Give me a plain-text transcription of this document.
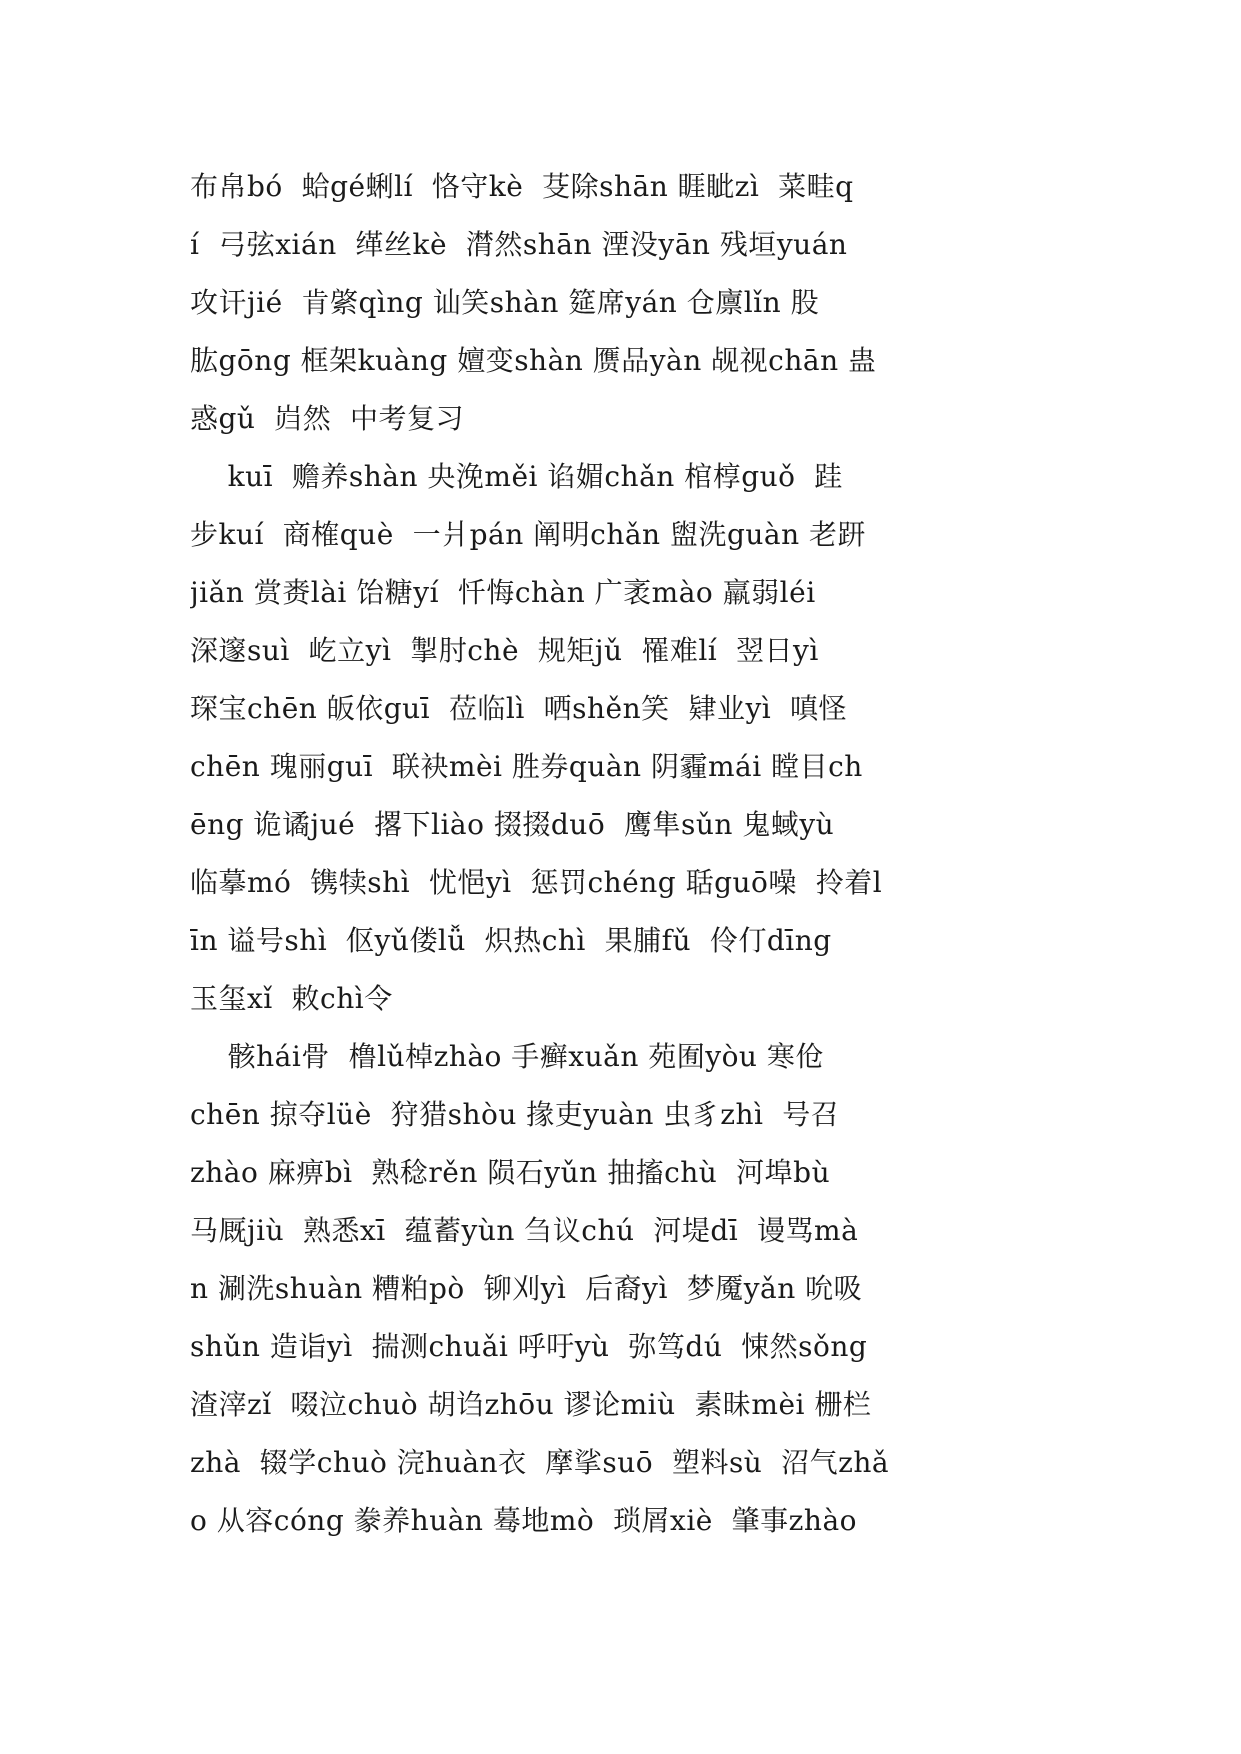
布帛bó  蛤gé蜊lí  恪守kè  芟除shān 睚眦zì  菜畦q
í  弓弦xián  缂丝kè  潸然shān 湮没yān 残垣yuán
攻讦jié  肯綮qìng 讪笑shàn 筵席yán 仓廪lǐn 股
肱gōng 框架kuàng 嬗变shàn 赝品yàn 觇视chān 蛊
惑gǔ  岿然  中考复习
kuī  赡养shàn 央浼měi 谄媚chǎn 棺椁guǒ  跬
步kuí  商榷què  一爿pán 阐明chǎn 盥洗guàn 老趼
jiǎn 赏赉lài 饴糖yí  忏悔chàn 广袤mào 羸弱léi
深邃suì  屹立yì  掣肘chè  规矩jǔ  罹难lí  翌日yì
琛宝chēn 皈依guī  莅临lì  哂shěn笑  肄业yì  嗔怪
chēn 瑰丽guī  联袂mèi 胜券quàn 阴霾mái 瞠目ch
ēng 诡谲jué  撂下liào 掇掇duō  鹰隼sǔn 鬼蜮yù
临摹mó  镌犊shì  忧悒yì  惩罚chéng 聒guō噪  拎着l
īn 谥号shì  伛yǔ偻lǚ  炽热chì  果脯fǔ  伶仃dīng
玉玺xǐ  敕chì令
骸hái骨  橹lǔ棹zhào 手癣xuǎn 苑囿yòu 寒伧
chēn 掠夺lüè  狩猎shòu 掾吏yuàn 虫豸zhì  号召
zhào 麻痹bì  熟稔rěn 陨石yǔn 抽搐chù  河埠bù
马厩jiù  熟悉xī  蕴蓄yùn 刍议chú  河堤dī  谩骂mà
n 涮洗shuàn 糟粕pò  铆刈yì  后裔yì  梦魇yǎn 吮吸
shǔn 造诣yì  揣测chuǎi 呼吁yù  弥笃dú  悚然sǒng
渣滓zǐ  啜泣chuò 胡诌zhōu 谬论miù  素昧mèi 栅栏
zhà  辍学chuò 浣huàn衣  摩挲suō  塑料sù  沼气zhǎ
o 从容cóng 豢养huàn 蓦地mò  琐屑xiè  肇事zhào
